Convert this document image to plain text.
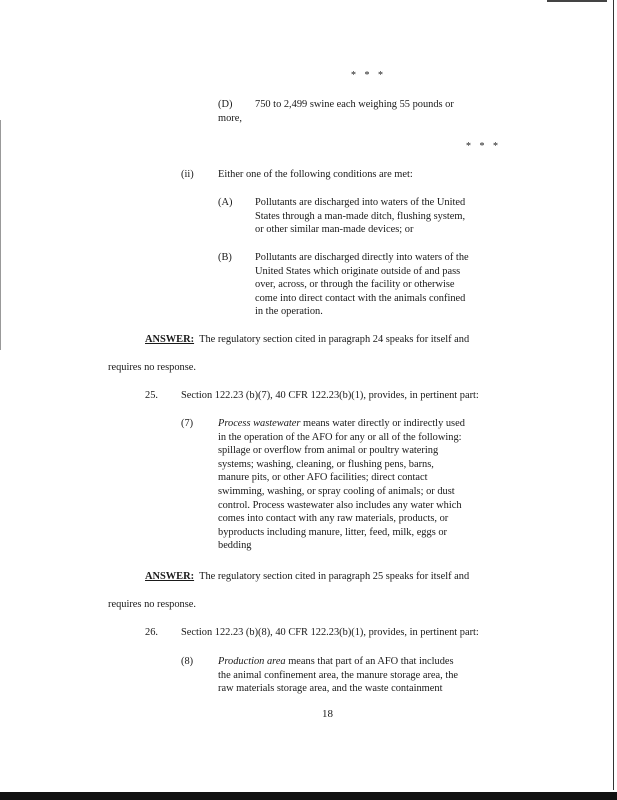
* * *
(D)	750 to 2,499 swine each weighing 55 pounds or
more,
* * *
(ii) Either one of the following conditions are met:
(A) Pollutants are discharged into waters of the United
States through a man-made ditch, flushing system,
or other similar man-made devices; or
(B) Pollutants are discharged directly into waters of the
United States which originate outside of and pass
over, across, or through the facility or otherwise
come into direct contact with the animals confined
in the operation.
ANSWER: The regulatory section cited in paragraph 24 speaks for itself and
requires no response.
25. Section 122.23 (b)(7), 40 CFR 122.23(b)(1), provides, in pertinent part:
(7) Process wastewater means water directly or indirectly used
in the operation of the AFO for any or all of the following:
spillage or overflow from animal or poultry watering
systems; washing, cleaning, or flushing pens, barns,
manure pits, or other AFO facilities; direct contact
swimming, washing, or spray cooling of animals; or dust
control. Process wastewater also includes any water which
comes into contact with any raw materials, products, or
byproducts including manure, litter, feed, milk, eggs or
bedding
ANSWER: The regulatory section cited in paragraph 25 speaks for itself and
requires no response.
26. Section 122.23 (b)(8), 40 CFR 122.23(b)(1), provides, in pertinent part:
(8) Production area means that part of an AFO that includes
the animal confinement area, the manure storage area, the
raw materials storage area, and the waste containment
18
